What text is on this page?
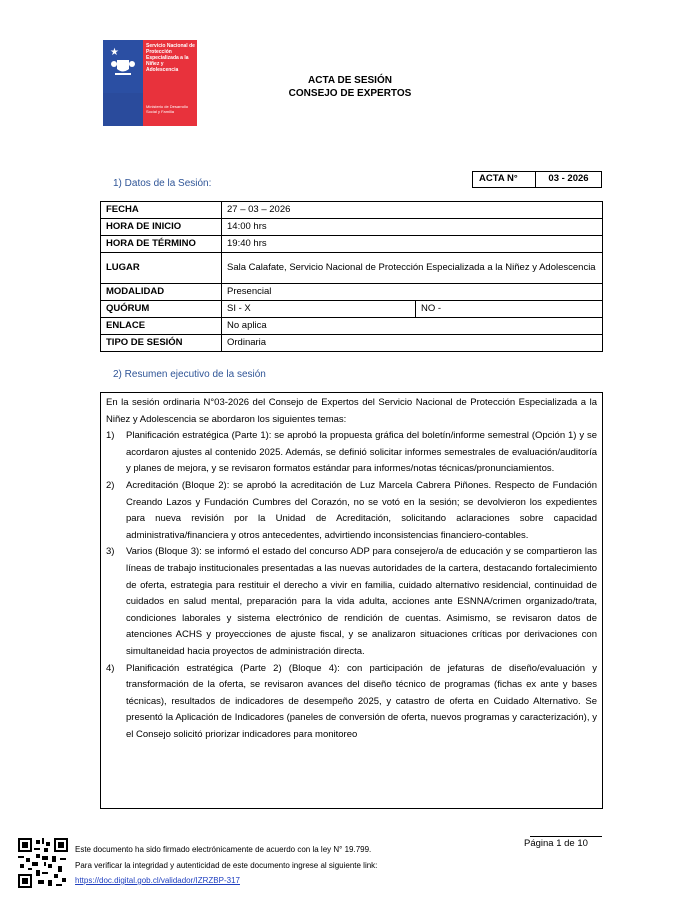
★
Servicio Nacional de Protección Especializada a la Niñez y Adolescencia
Ministerio de Desarrollo Social y Familia
ACTA DE SESIÓN
CONSEJO DE EXPERTOS
1) Datos de la Sesión:	ACTA N°	03 - 2026
FECHA	27 – 03 – 2026	
HORA DE INICIO	14:00 hrs	
HORA DE TÉRMINO	19:40 hrs	
LUGAR	Sala Calafate, Servicio Nacional de Protección Especializada a la Niñez y Adolescencia	
MODALIDAD	Presencial	
QUÓRUM	SI - X	NO -
ENLACE	No aplica	
TIPO DE SESIÓN	Ordinaria	
2) Resumen ejecutivo de la sesión

En la sesión ordinaria N°03-2026 del Consejo de Expertos del Servicio Nacional de Protección Especializada a la Niñez y Adolescencia se abordaron los siguientes temas:

1)	Planificación estratégica (Parte 1): se aprobó la propuesta gráfica del boletín/informe semestral (Opción 1) y se acordaron ajustes al contenido 2025. Además, se definió solicitar informes semestrales de evaluación/auditoría y planes de mejora, y se revisaron formatos estándar para informes/notas técnicas/pronunciamientos.
2)	Acreditación (Bloque 2): se aprobó la acreditación de Luz Marcela Cabrera Piñones. Respecto de Fundación Creando Lazos y Fundación Cumbres del Corazón, no se votó en la sesión; se devolvieron los expedientes para nueva revisión por la Unidad de Acreditación, solicitando aclaraciones sobre capacidad administrativa/financiera y otros antecedentes, advirtiendo inconsistencias financiero-contables.
3)	Varios (Bloque 3): se informó el estado del concurso ADP para consejero/a de educación y se compartieron las líneas de trabajo institucionales presentadas a las nuevas autoridades de la cartera, destacando fortalecimiento de oferta, estrategia para restituir el derecho a vivir en familia, cuidado alternativo residencial, continuidad de cuidados en salud mental, preparación para la vida adulta, acciones ante ESNNA/crimen organizado/trata, condiciones laborales y sistema electrónico de rendición de cuentas. Asimismo, se revisaron datos de atenciones ACHS y proyecciones de ajuste fiscal, y se analizaron situaciones críticas por derivaciones con simultaneidad hacia proyectos de administración directa.
4)	Planificación estratégica (Parte 2) (Bloque 4): con participación de jefaturas de diseño/evaluación y transformación de la oferta, se revisaron avances del diseño técnico de programas (fichas ex ante y bases técnicas), resultados de indicadores de desempeño 2025, y catastro de oferta en Cuidado Alternativo. Se presentó la Aplicación de Indicadores (paneles de conversión de oferta, nuevos programas y caracterización), y el Consejo solicitó priorizar indicadores para monitoreo
Página 1 de 10
Este documento ha sido firmado electrónicamente de acuerdo con la ley N° 19.799.
Para verificar la integridad y autenticidad de este documento ingrese al siguiente link:
https://doc.digital.gob.cl/validador/IZRZBP-317
